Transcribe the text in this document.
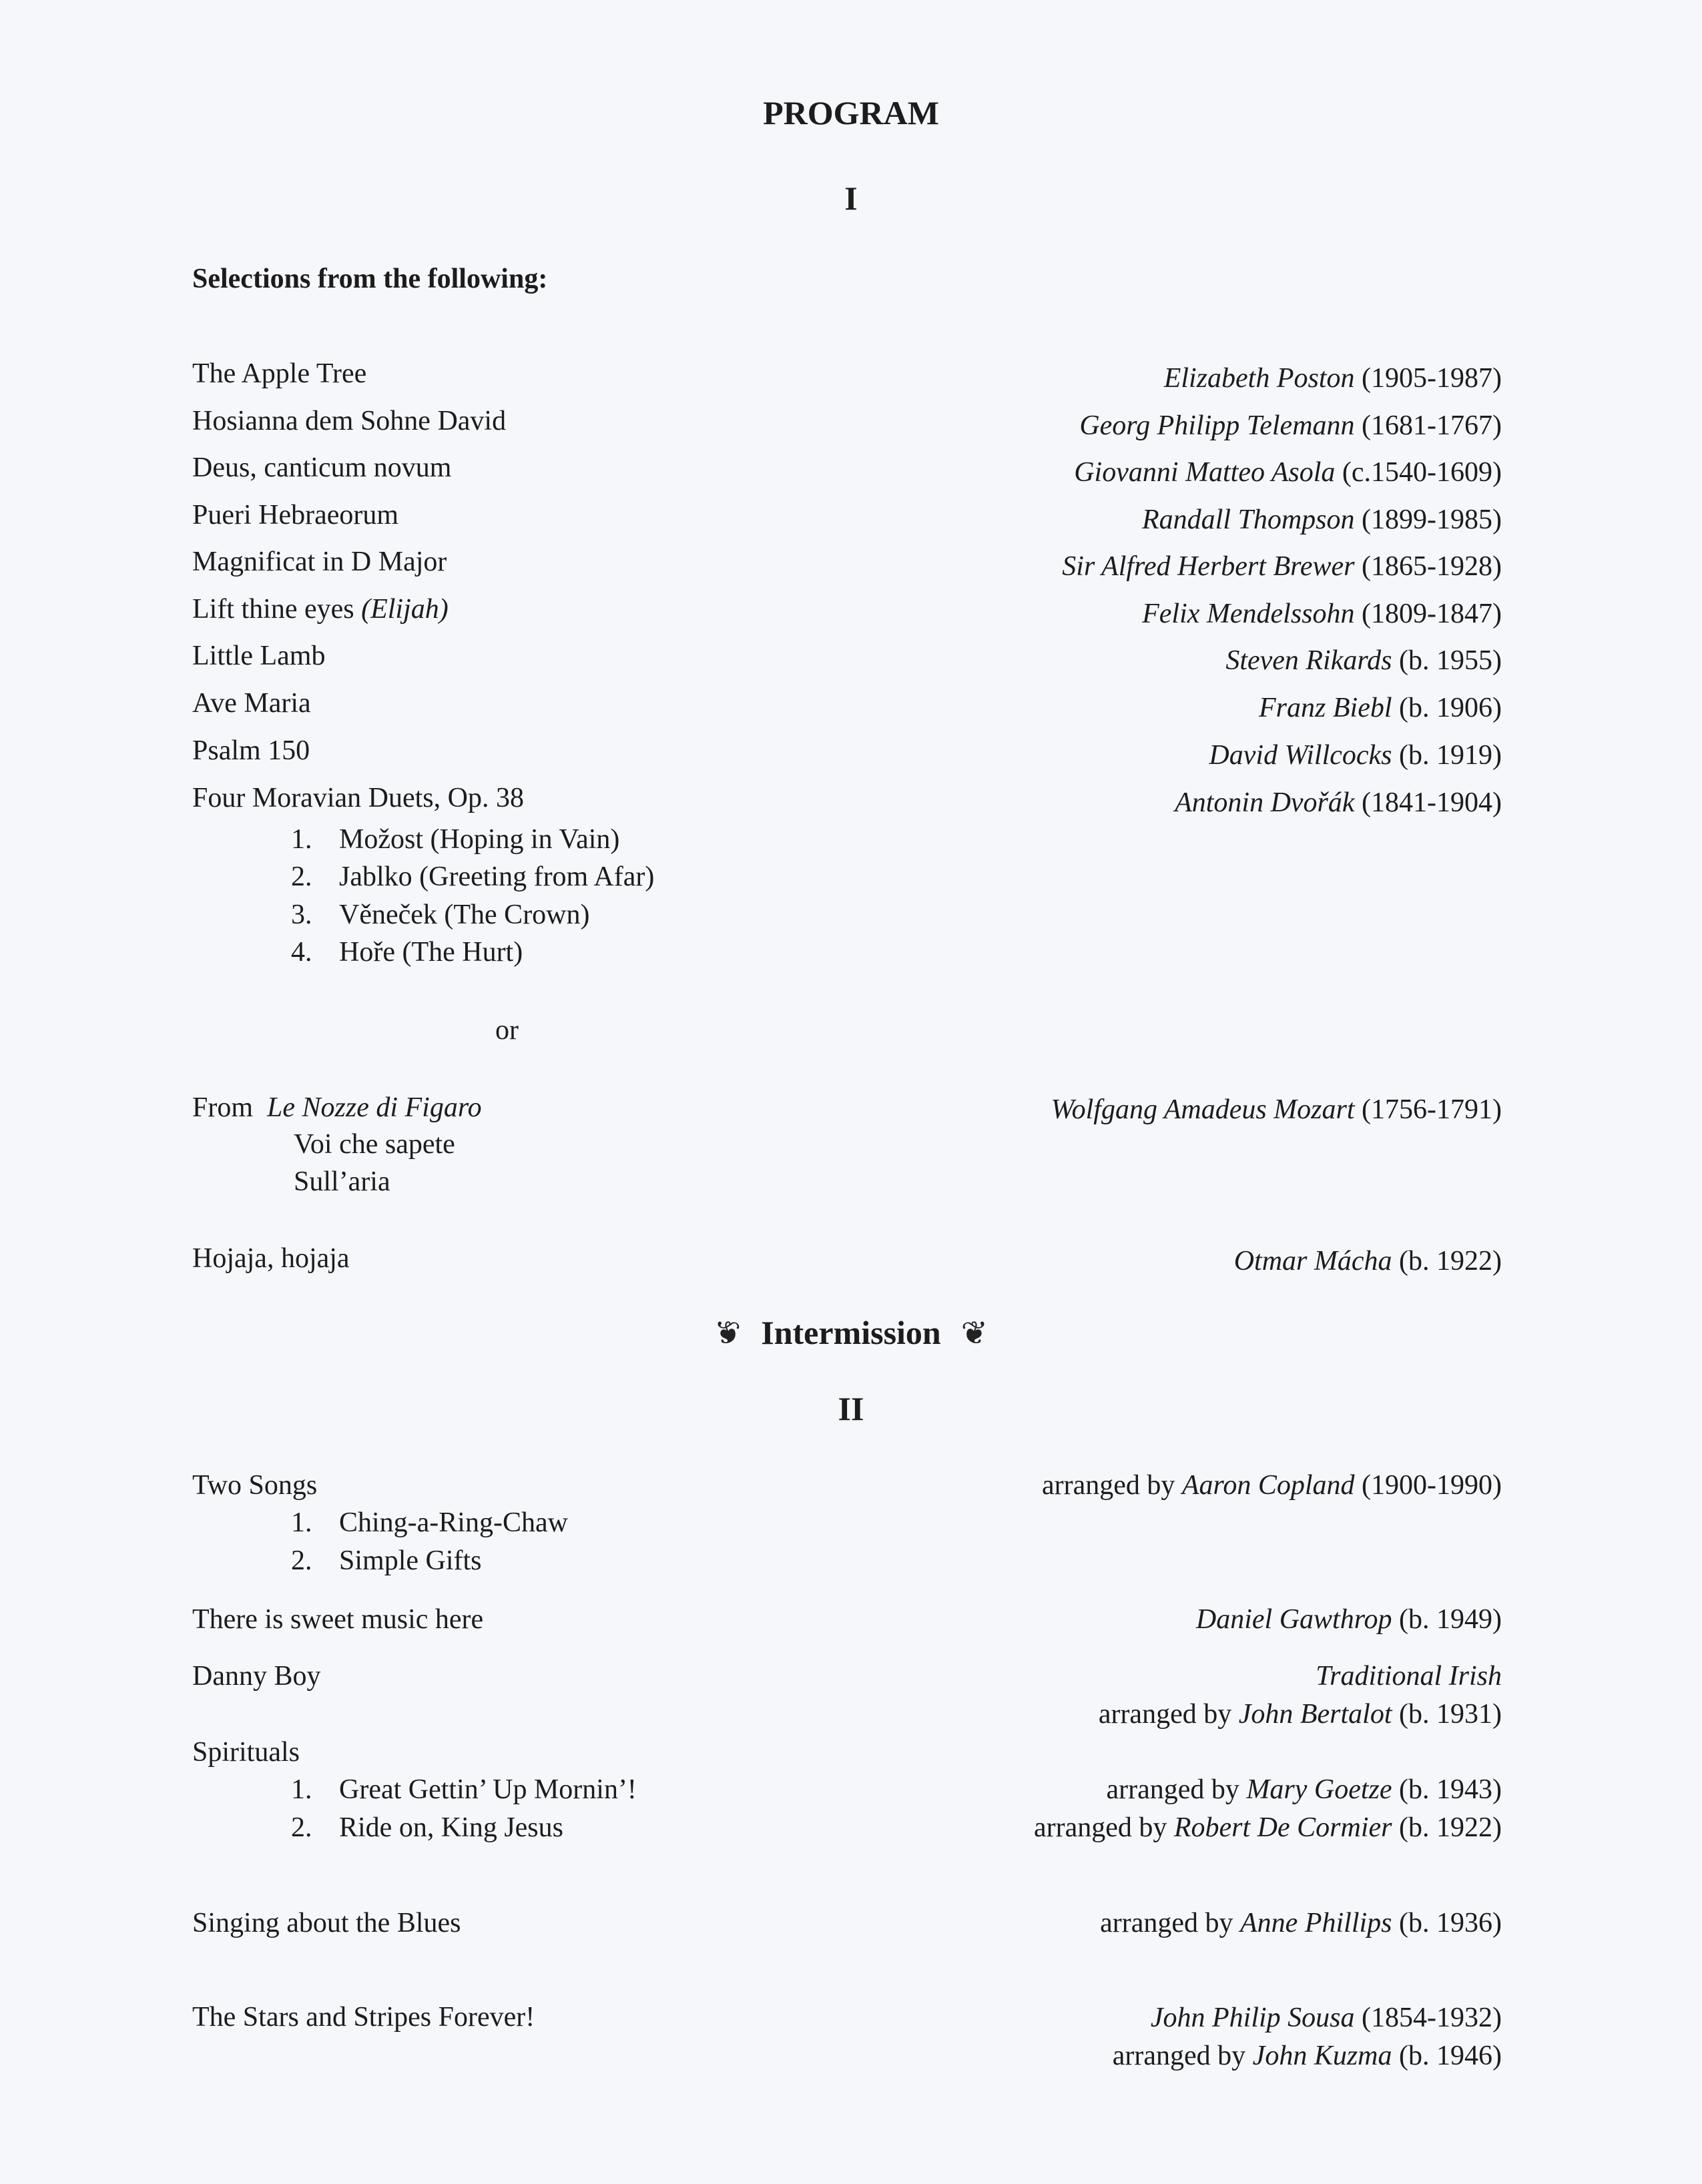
PROGRAM
I
Selections from the following:
The Apple Tree	Elizabeth Poston (1905-1987)
Hosianna dem Sohne David	Georg Philipp Telemann (1681-1767)
Deus, canticum novum	Giovanni Matteo Asola (c.1540-1609)
Pueri Hebraeorum	Randall Thompson (1899-1985)
Magnificat in D Major	Sir Alfred Herbert Brewer (1865-1928)
Lift thine eyes (Elijah)	Felix Mendelssohn (1809-1847)
Little Lamb	Steven Rikards (b. 1955)
Ave Maria	Franz Biebl (b. 1906)
Psalm 150	David Willcocks (b. 1919)
Four Moravian Duets, Op. 38	Antonin Dvořák (1841-1904)
1. Možost (Hoping in Vain)
2. Jablko (Greeting from Afar)
3. Věneček (The Crown)
4. Hoře (The Hurt)
or
From Le Nozze di Figaro	Wolfgang Amadeus Mozart (1756-1791)
Voi che sapete
Sull’aria
Hojaja, hojaja	Otmar Mácha (b. 1922)
❦ Intermission ❦
II
Two Songs	arranged by Aaron Copland (1900-1990)
1. Ching-a-Ring-Chaw
2. Simple Gifts
There is sweet music here	Daniel Gawthrop (b. 1949)
Danny Boy	Traditional Irish
arranged by John Bertalot (b. 1931)
Spirituals
1. Great Gettin’ Up Mornin’!	arranged by Mary Goetze (b. 1943)
2. Ride on, King Jesus	arranged by Robert De Cormier (b. 1922)
Singing about the Blues	arranged by Anne Phillips (b. 1936)
The Stars and Stripes Forever!	John Philip Sousa (1854-1932)
arranged by John Kuzma (b. 1946)
